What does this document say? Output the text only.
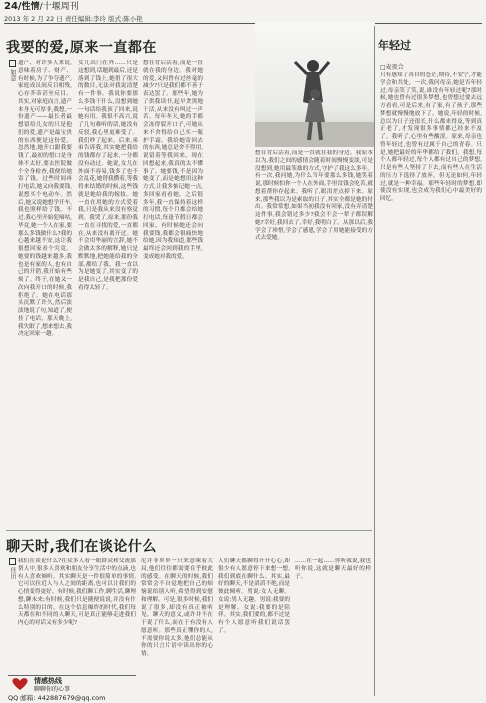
24/性情/十堰周刊
2013 年 2 月 22 日 责任编辑:李玲 版式:陈小艳
我要的爱,原来一直都在
如意
遗产、对许多人来说,意味着房子、财产、有时候,为了争夺遗产,家庭成员间反目相残,心存芥蒂甚至反目。其实,对家庭而言,遗产本身无可厚非,我想,一份遗产——最长者最想留给儿女的只是他们的爱,遗产是最宝贵的东西便是这份爱。忽然地,她开口跟我要钱了,最初的借口是身体不太好,要去医院做个全身检查,我便给她寄了钱。过些时间再打电话,她又向我要钱,说想买个电动车。然后,她又说她想学开车,我也照样给了钱。不过,我心里开始犯嘀咕,毕竟,她一个人在家,要那么多钱做什么?我的心越来越不安,这让我很想回家看个究竟。她要的钱越来越多,我也是有家的人,也有自己的开销,我开始有些烦了。终于,在她又一次向我开口的时候,我拒绝了。她在电话那头沉默了许久,然后淡淡地说了句,知道了,便挂了电话。那天晚上,我失眠了,想来想去,我决定回家一趟。
女儿出门在外……只是这想到,话题到最后,还是落到了钱上,她借了很大的数目,无法对我说清楚有一件事。我说你要那么多钱干什么,没想到她一句话给我顶了回来,说她有用。我很不高兴,说了几句难听的话,她没有反驳,我心里更难受了。我们吵了起来。后来,弟弟告诉我,其实她把我给的钱都存了起来,一分都没有动过。她说,女儿在外面不容易,钱多了也不会乱花,她替我攒着,等我将来结婚的时候,这些钱就是她给我的嫁妆。她一直在用她的方式爱着我,只是我从来没有察觉到。我哭了,原来,那份我一直在寻找的爱,一直都在,从来没有离开过。她不会用华丽的言辞,她不会做太多的解释,她只是默默地,把她能给我的全部,都给了我。我一直以为是她变了,其实变了的是我自己,是我把那份爱看得太轻了。
想在背后活着,而是一直就在我的身边。我对她的爱,又何曾有过丝毫的减少?只是我们都不善于表达罢了。那些年,她为了供我读书,起早贪黑地干活,从来没有叫过一声苦。每年冬天,她的手都会冻得裂开口子,可她从来不舍得给自己买一瓶护手霜。我给她寄回去的东西,她总是舍不得用,说留着等我回来。现在回想起来,我真的太不懂事了。她要钱,不是因为她变了,而是她想用这种方式,让我多惦记她一点,多回家看看她。之后很多年,我一直保持着这样的习惯,每个月都会给她打电话,每逢节假日都会回家。有时候她还会向我要钱,我都会很痛快地给她,因为我知道,那些钱最终还会回到我的手里,变成她对我的爱。
想在背后活着,而是一直就在我的身边。我原本以为,我们之间的感情会随着时间慢慢变淡,可是没想到,她用最笨拙的方式,守护了我这么多年。有一次,我问她,为什么当年要那么多钱,她笑着说,那时候怕你一个人在外面,手里没钱会吃苦,就想着帮你存起来。我听了,眼泪差点掉下来。原来,那些我以为是索取的日子,其实全都是她的付出。我常常想,如果当初我没有回家,没有弄清楚这件事,我会错过多少?我会不会一辈子都误解她?幸好,我回去了,幸好,我明白了。从那以后,我学会了珍惜,学会了感恩,学会了用她能接受的方式去爱她。
聊天时,我们在谈论什么
佳田
我们在谈论什么?在众多人看一眼群众和交流那帮人中,很多人喜欢和朋友分享生活中的点滴,也有人喜欢倾听。其实聊天是一件很简单的事情,它可以拉近人与人之间的距离,也可以让我们的心情变得更好。有时候,我们聊工作,聊生活,聊理想,聊未来;有时候,我们只是随便说说,并没有什么特别的目的。在这个信息爆炸的时代,我们每天都在和不同的人聊天,可是真正能够走进我们内心的对话又有多少呢?
尼并非单单一只来意味着大局,他们往往都需要在乎彼此的感受。在聊天的时候,我们常常会不自觉地把自己的烦恼说给别人听,希望得到安慰和理解。可是,很多时候,我们说了很多,却没有真正被听见。聊天的意义,或许并不在于说了什么,而在于有没有人愿意听。那些真正懂你的人,不需要你说太多,他们总能从你的只言片语中读出你的心情。
人们聊天都聊得开开心心,却很少有人愿意停下来想一想,我们到底在聊什么。其实,最好的聊天,不是滔滔不绝,而是彼此倾听。男说:女人无聊。女说:男人无趣。男说:我要的是理解。女说:我要的是陪伴。其实,我们要的,都不过是有个人愿意听我们说话罢了。
……在一起……你听我说,我也听你说,这就是聊天最好的样子。
情感热线
聊聊你的心事
QQ 邮箱: 442887679@qq.com
年轻过
□麦夜合
只有感知了各自的苍茫,期待,不安宁,才能学会和共处。一次,我问母亲,她是否年轻过,母亲笑了笑,说,谁没有年轻过呢?那时候,她也曾有过很多梦想,也曾想过要去远方看看,可是后来,有了家,有了孩子,那些梦想就慢慢地放下了。她说,年轻的时候,总以为日子还很长,什么都来得及,等到真正老了,才发现很多事情都已经来不及了。我听了,心里有些酸涩。原来,母亲也曾年轻过,也曾有过属于自己的青春。只是,她把最好的年华都给了我们。我想,每个人都年轻过,每个人都有过自己的梦想,只是有些人坚持了下去,而有些人在生活的压力下选择了放弃。但无论如何,年轻过,就是一种幸福。那些年轻时的梦想,即使没有实现,也会成为我们心中最美好的回忆。
